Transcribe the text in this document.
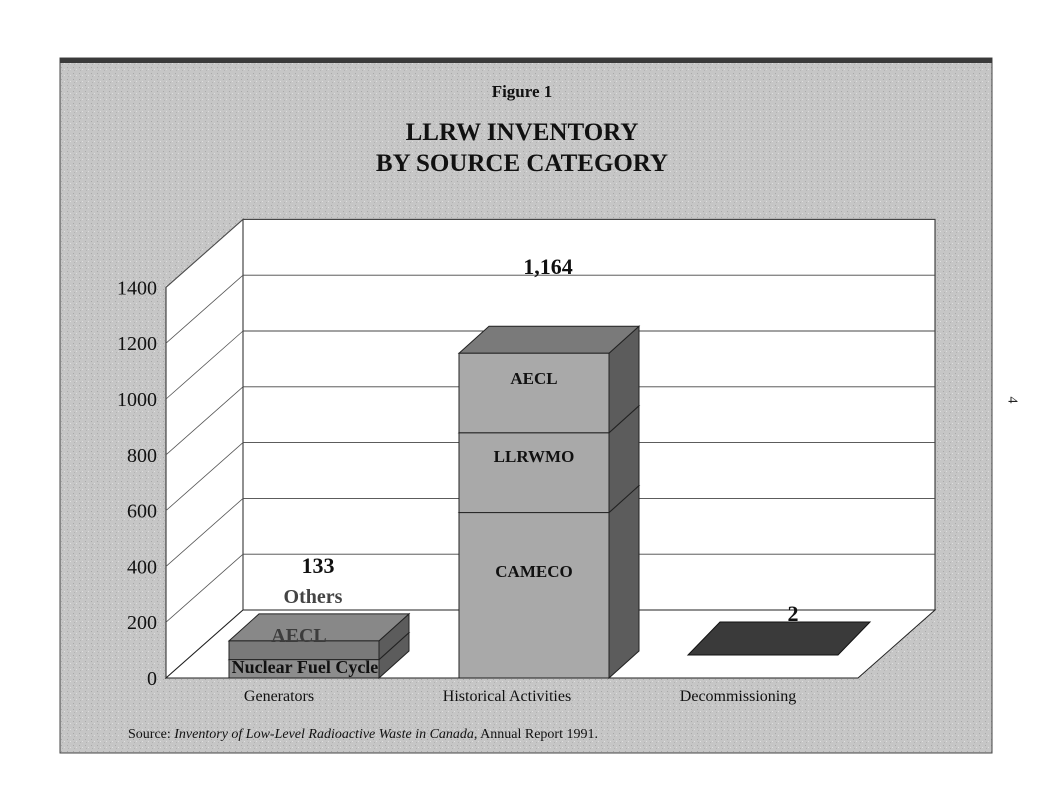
Figure 1
LLRW INVENTORY
BY SOURCE CATEGORY
0
200
400
600
800
1000
1200
1400
133
1,164
2
Others
AECL
CAMECO
LLRWMO
AECL
Nuclear Fuel Cycle
Generators	Historical Activities	Decommissioning
Source: Inventory of Low-Level Radioactive Waste in Canada, Annual Report 1991.
4
